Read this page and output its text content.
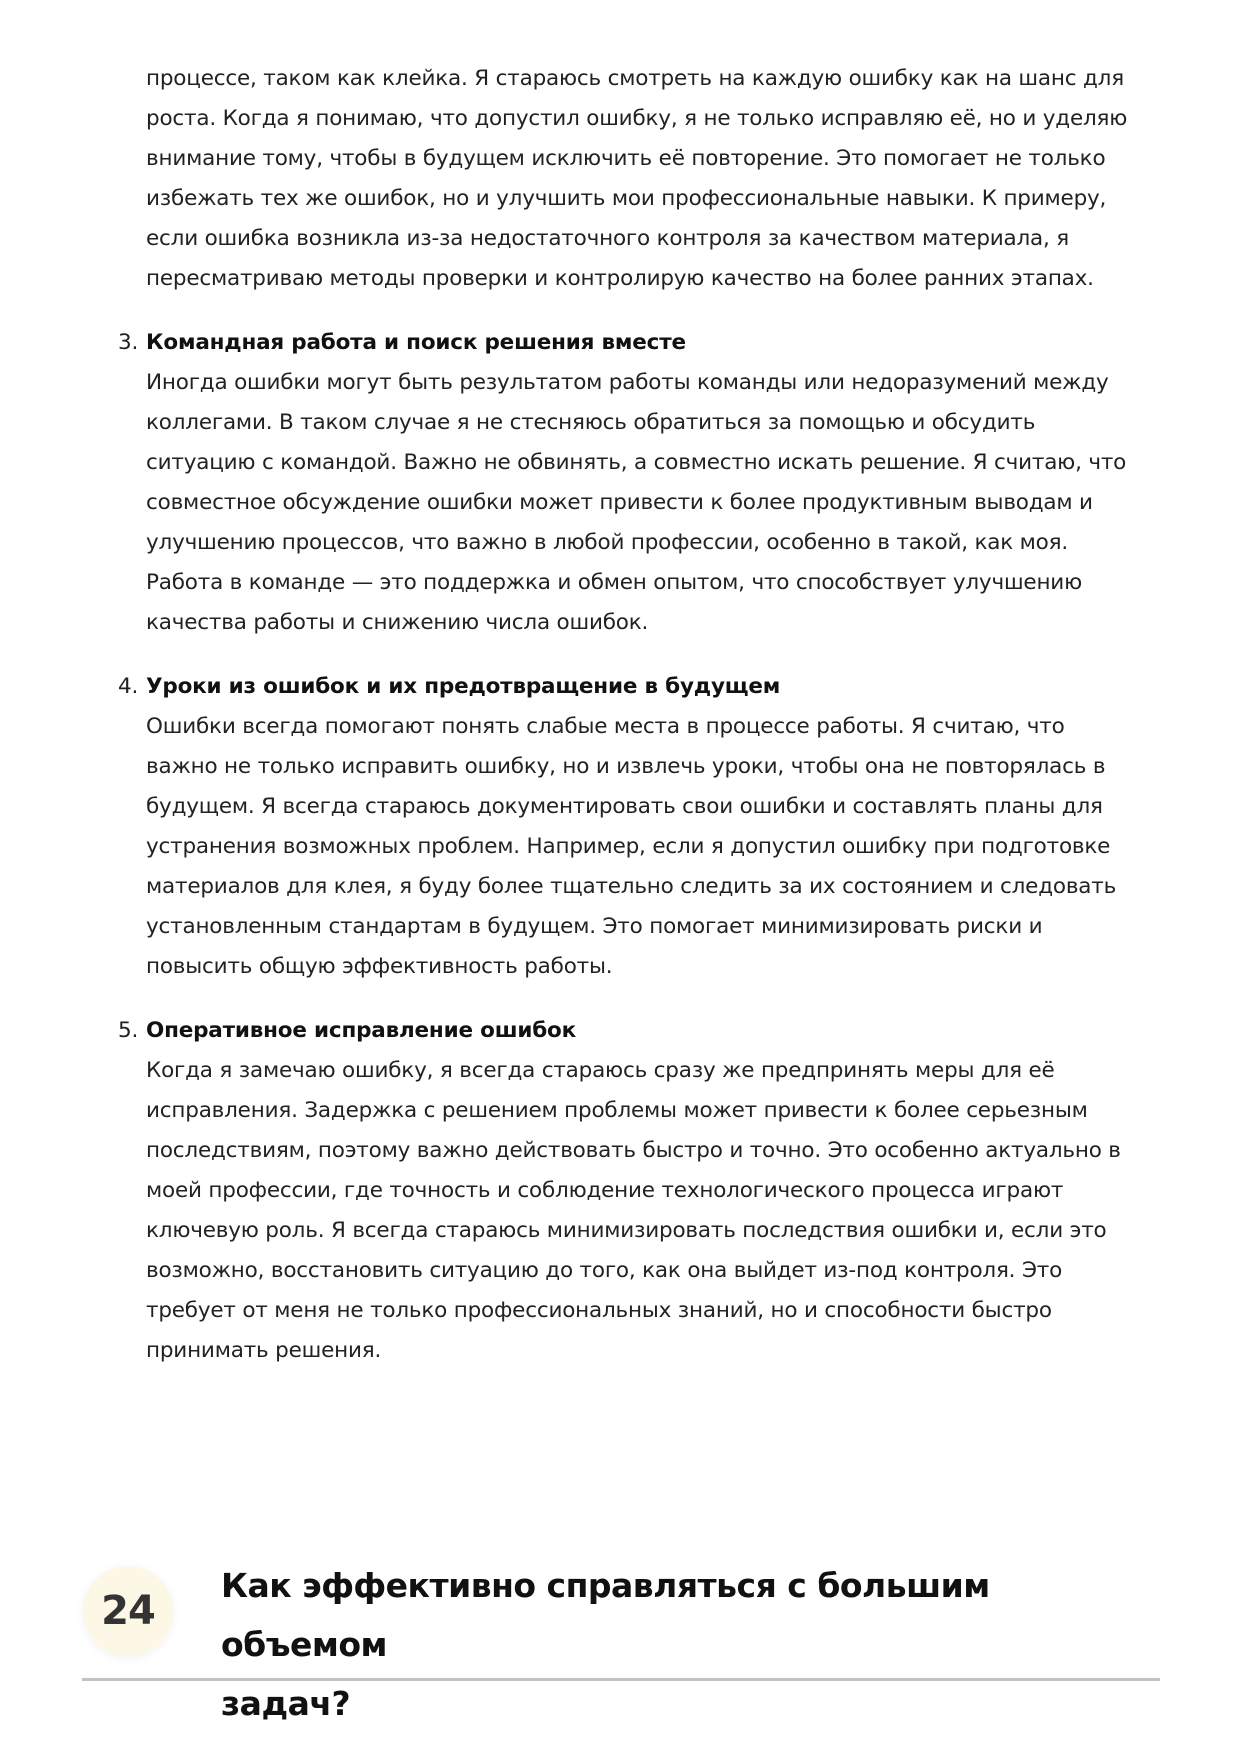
процессе, таком как клейка. Я стараюсь смотреть на каждую ошибку как на шанс для

роста. Когда я понимаю, что допустил ошибку, я не только исправляю её, но и уделяю

внимание тому, чтобы в будущем исключить её повторение. Это помогает не только

избежать тех же ошибок, но и улучшить мои профессиональные навыки. К примеру,

если ошибка возникла из-за недостаточного контроля за качеством материала, я

пересматриваю методы проверки и контролирую качество на более ранних этапах.

3. Командная работа и поиск решения вместе

Иногда ошибки могут быть результатом работы команды или недоразумений между

коллегами. В таком случае я не стесняюсь обратиться за помощью и обсудить

ситуацию с командой. Важно не обвинять, а совместно искать решение. Я считаю, что

совместное обсуждение ошибки может привести к более продуктивным выводам и

улучшению процессов, что важно в любой профессии, особенно в такой, как моя.

Работа в команде — это поддержка и обмен опытом, что способствует улучшению

качества работы и снижению числа ошибок.

4. Уроки из ошибок и их предотвращение в будущем

Ошибки всегда помогают понять слабые места в процессе работы. Я считаю, что

важно не только исправить ошибку, но и извлечь уроки, чтобы она не повторялась в

будущем. Я всегда стараюсь документировать свои ошибки и составлять планы для

устранения возможных проблем. Например, если я допустил ошибку при подготовке

материалов для клея, я буду более тщательно следить за их состоянием и следовать

установленным стандартам в будущем. Это помогает минимизировать риски и

повысить общую эффективность работы.

5. Оперативное исправление ошибок

Когда я замечаю ошибку, я всегда стараюсь сразу же предпринять меры для её

исправления. Задержка с решением проблемы может привести к более серьезным

последствиям, поэтому важно действовать быстро и точно. Это особенно актуально в

моей профессии, где точность и соблюдение технологического процесса играют

ключевую роль. Я всегда стараюсь минимизировать последствия ошибки и, если это

возможно, восстановить ситуацию до того, как она выйдет из-под контроля. Это

требует от меня не только профессиональных знаний, но и способности быстро

принимать решения.

24
Как эффективно справляться с большим объемом
задач?
